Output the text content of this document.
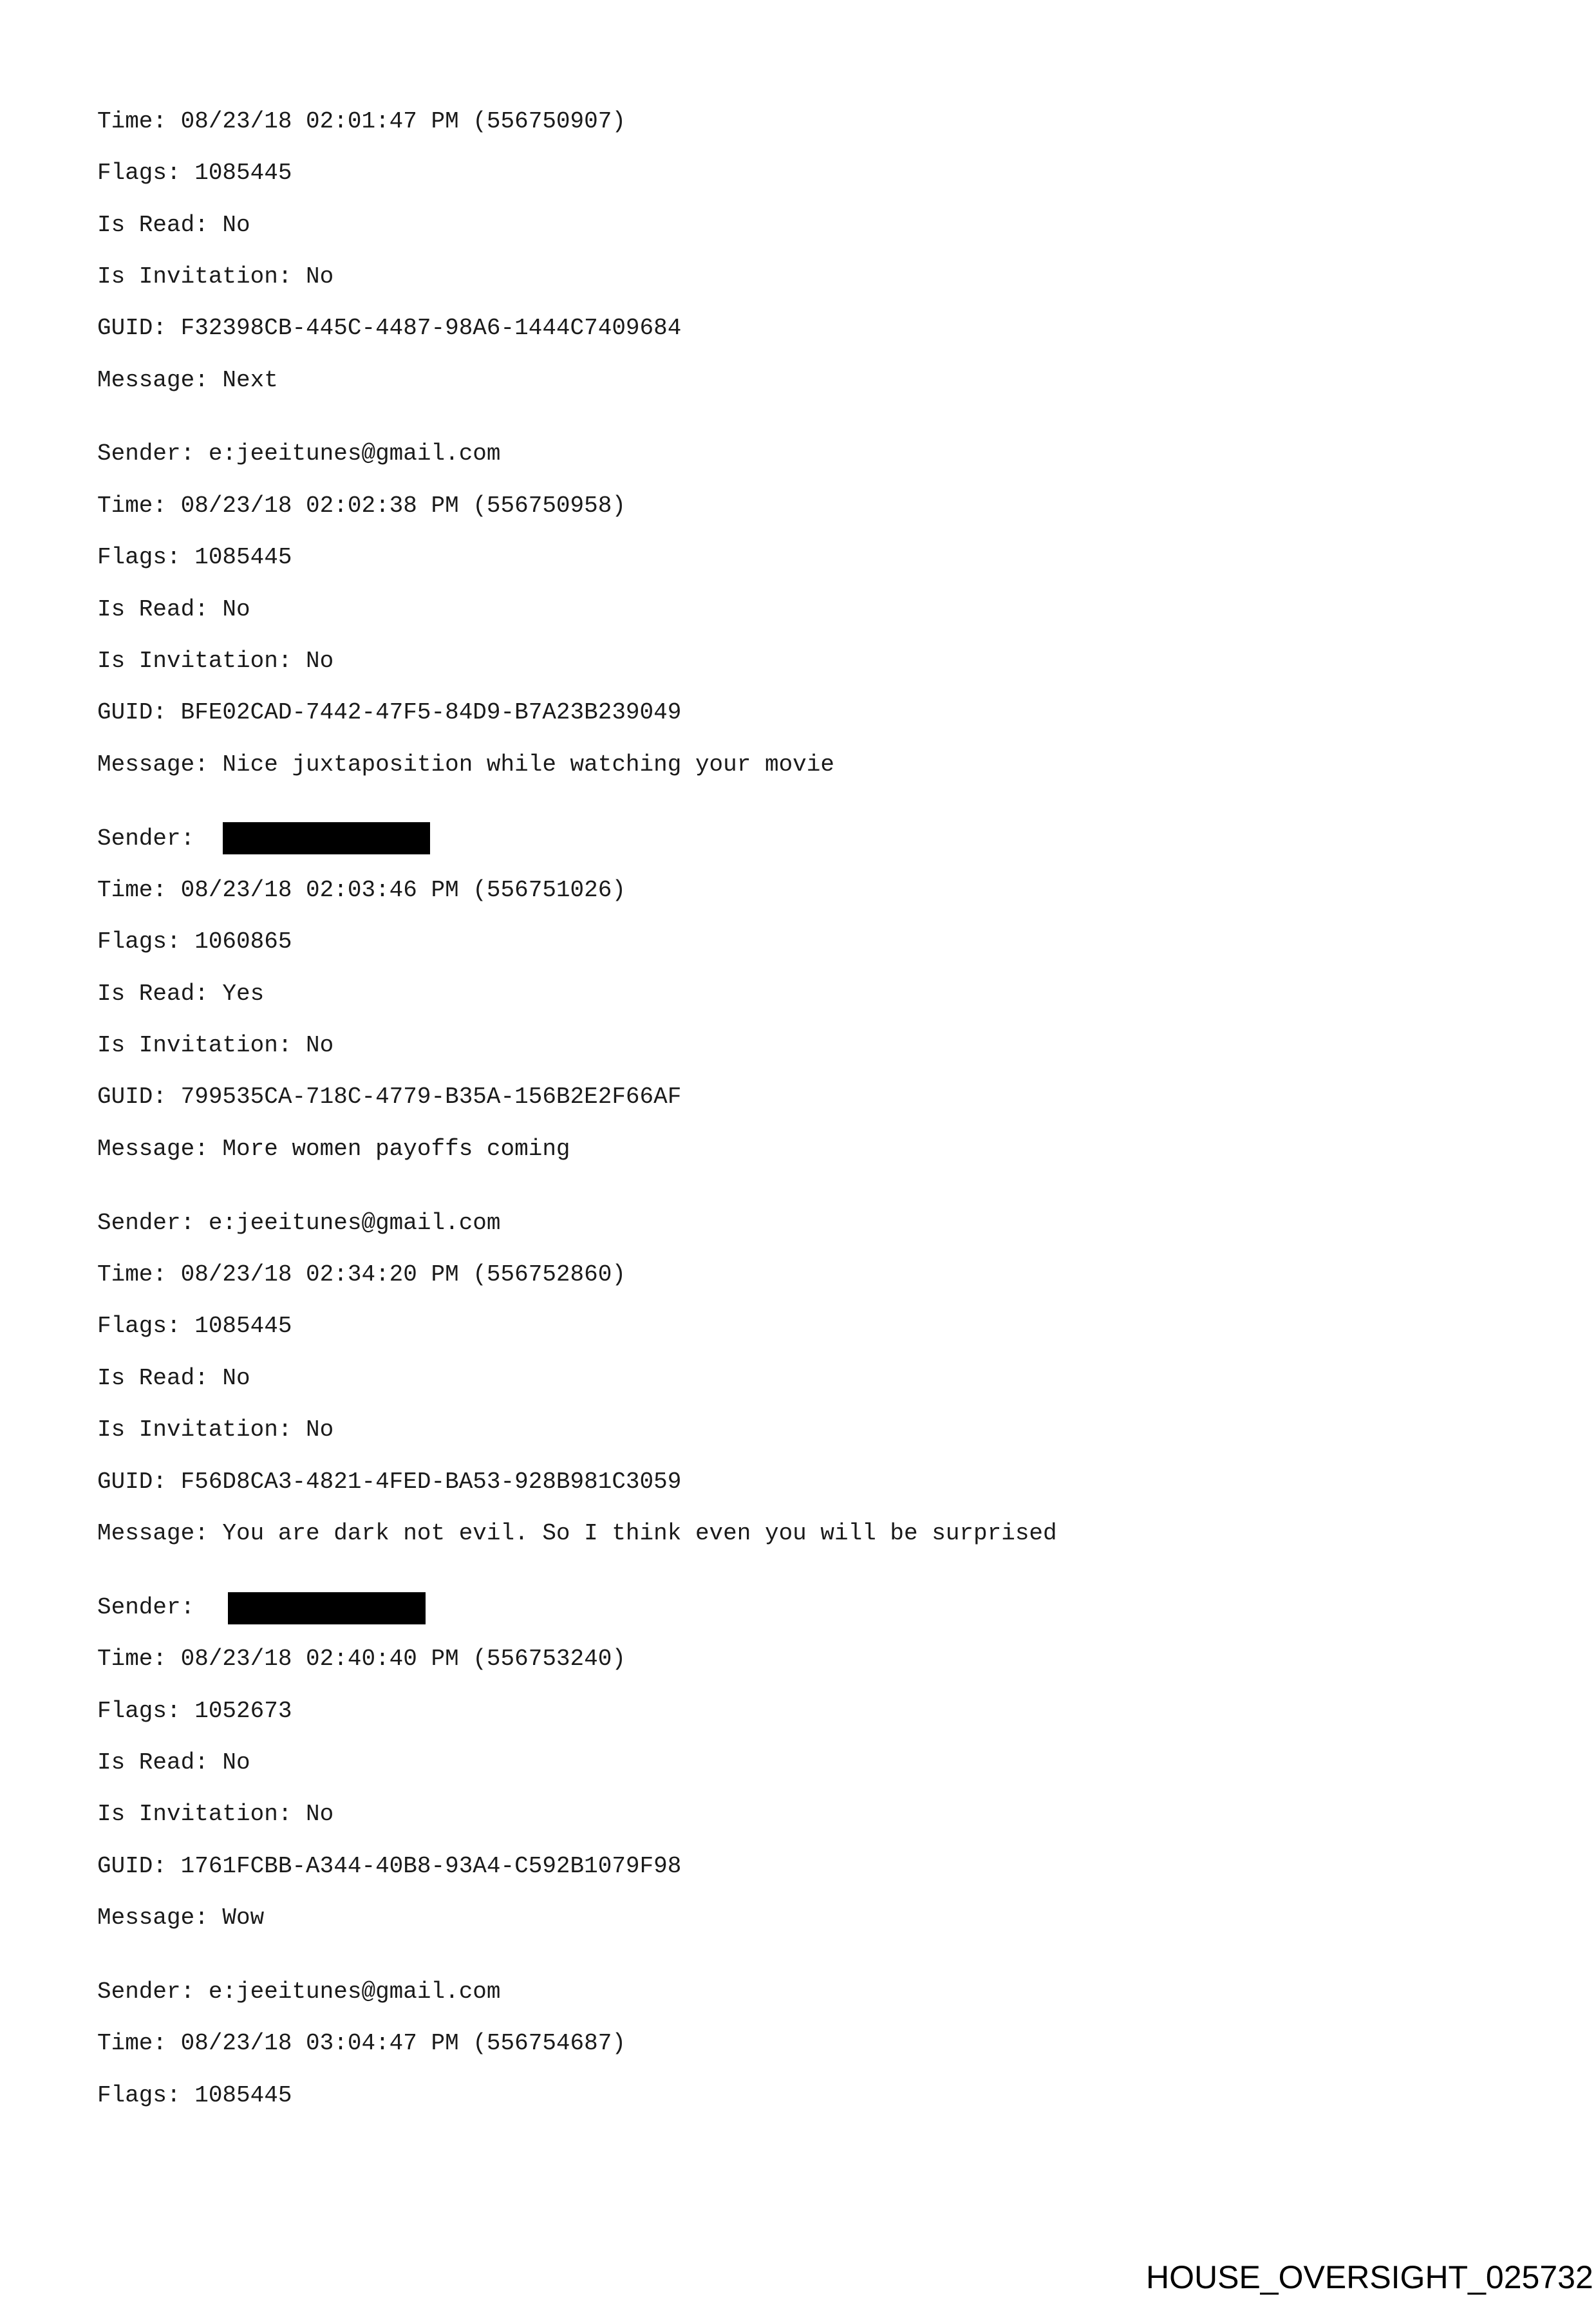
Time: 08/23/18 02:01:47 PM (556750907)
Flags: 1085445
Is Read: No
Is Invitation: No
GUID: F32398CB-445C-4487-98A6-1444C7409684
Message: Next
Sender: e:jeeitunes@gmail.com
Time: 08/23/18 02:02:38 PM (556750958)
Flags: 1085445
Is Read: No
Is Invitation: No
GUID: BFE02CAD-7442-47F5-84D9-B7A23B239049
Message: Nice juxtaposition while watching your movie
Sender:
Time: 08/23/18 02:03:46 PM (556751026)
Flags: 1060865
Is Read: Yes
Is Invitation: No
GUID: 799535CA-718C-4779-B35A-156B2E2F66AF
Message: More women payoffs coming
Sender: e:jeeitunes@gmail.com
Time: 08/23/18 02:34:20 PM (556752860)
Flags: 1085445
Is Read: No
Is Invitation: No
GUID: F56D8CA3-4821-4FED-BA53-928B981C3059
Message: You are dark not evil. So I think even you will be surprised
Sender:
Time: 08/23/18 02:40:40 PM (556753240)
Flags: 1052673
Is Read: No
Is Invitation: No
GUID: 1761FCBB-A344-40B8-93A4-C592B1079F98
Message: Wow
Sender: e:jeeitunes@gmail.com
Time: 08/23/18 03:04:47 PM (556754687)
Flags: 1085445
HOUSE_OVERSIGHT_025732
